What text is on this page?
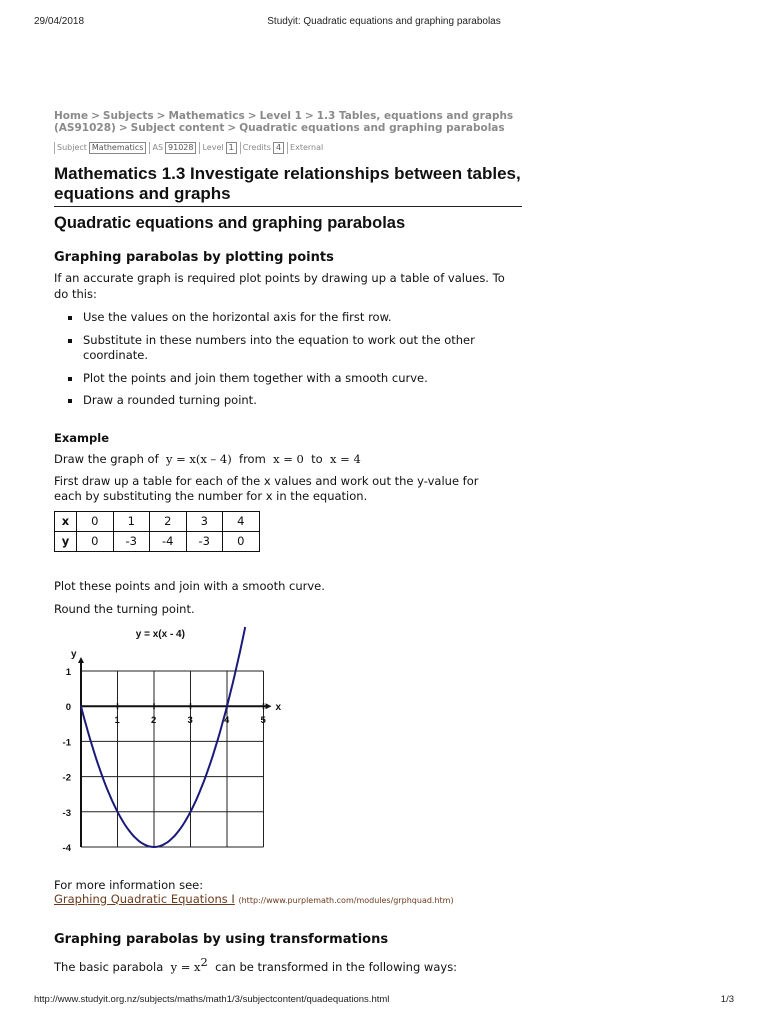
29/04/2018	Studyit: Quadratic equations and graphing parabolas
Home > Subjects > Mathematics > Level 1 > 1.3 Tables, equations and graphs (AS91028) > Subject content > Quadratic equations and graphing parabolas
Subject Mathematics	AS 91028	Level 1	Credits 4	External
Mathematics 1.3 Investigate relationships between tables, equations and graphs
Quadratic equations and graphing parabolas
Graphing parabolas by plotting points

If an accurate graph is required plot points by drawing up a table of values. To do this:

Use the values on the horizontal axis for the first row.
Substitute in these numbers into the equation to work out the other coordinate.
Plot the points and join them together with a smooth curve.
Draw a rounded turning point.

Example

Draw the graph of y = x(x – 4) from x = 0 to x = 4

First draw up a table for each of the x values and work out the y-value for each by substituting the number for x in the equation.

x	0	1	2	3	4
y	0	-3	-4	-3	0

Plot these points and join with a smooth curve.

Round the turning point.

y = x(x - 4)
y
x
1	2	3	4	5
1
0
-1
-2
-3
-4

For more information see:

Graphing Quadratic Equations I (http://www.purplemath.com/modules/grphquad.htm)

Graphing parabolas by using transformations

The basic parabola $y = x^2$ can be transformed in the following ways:

http://www.studyit.org.nz/subjects/maths/math1/3/subjectcontent/quadequations.html	1/3
